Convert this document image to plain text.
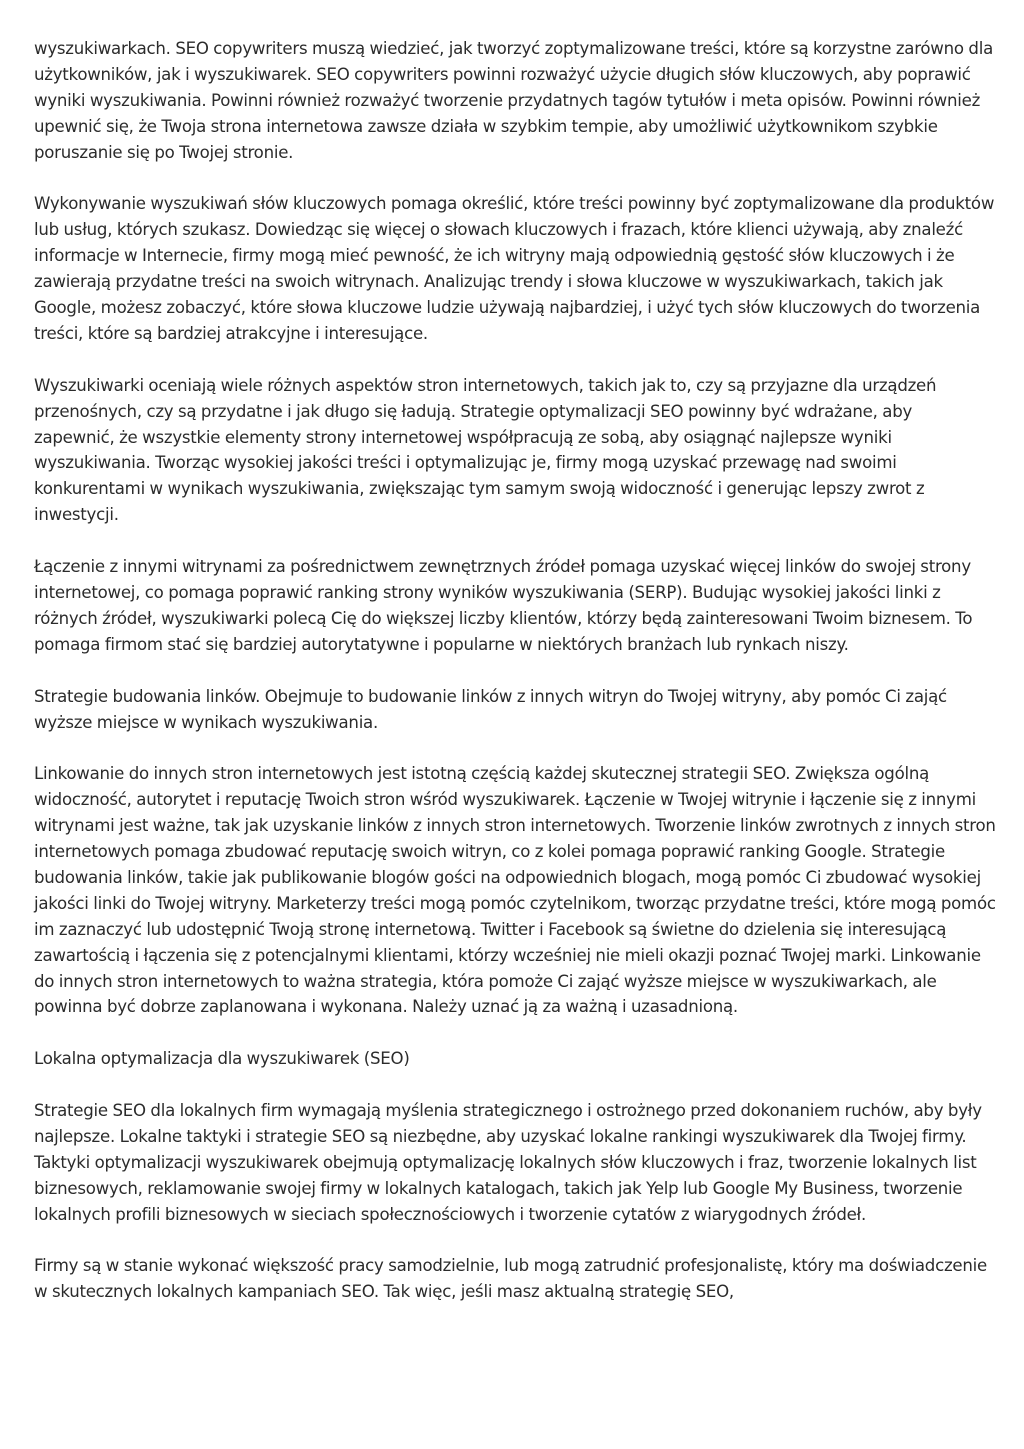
wyszukiwarkach. SEO copywriters muszą wiedzieć, jak tworzyć zoptymalizowane treści, które są korzystne zarówno dla użytkowników, jak i wyszukiwarek. SEO copywriters powinni rozważyć użycie długich słów kluczowych, aby poprawić wyniki wyszukiwania. Powinni również rozważyć tworzenie przydatnych tagów tytułów i meta opisów. Powinni również upewnić się, że Twoja strona internetowa zawsze działa w szybkim tempie, aby umożliwić użytkownikom szybkie poruszanie się po Twojej stronie.

Wykonywanie wyszukiwań słów kluczowych pomaga określić, które treści powinny być zoptymalizowane dla produktów lub usług, których szukasz. Dowiedząc się więcej o słowach kluczowych i frazach, które klienci używają, aby znaleźć informacje w Internecie, firmy mogą mieć pewność, że ich witryny mają odpowiednią gęstość słów kluczowych i że zawierają przydatne treści na swoich witrynach. Analizując trendy i słowa kluczowe w wyszukiwarkach, takich jak Google, możesz zobaczyć, które słowa kluczowe ludzie używają najbardziej, i użyć tych słów kluczowych do tworzenia treści, które są bardziej atrakcyjne i interesujące.

Wyszukiwarki oceniają wiele różnych aspektów stron internetowych, takich jak to, czy są przyjazne dla urządzeń przenośnych, czy są przydatne i jak długo się ładują. Strategie optymalizacji SEO powinny być wdrażane, aby zapewnić, że wszystkie elementy strony internetowej współpracują ze sobą, aby osiągnąć najlepsze wyniki wyszukiwania. Tworząc wysokiej jakości treści i optymalizując je, firmy mogą uzyskać przewagę nad swoimi konkurentami w wynikach wyszukiwania, zwiększając tym samym swoją widoczność i generując lepszy zwrot z inwestycji.

Łączenie z innymi witrynami za pośrednictwem zewnętrznych źródeł pomaga uzyskać więcej linków do swojej strony internetowej, co pomaga poprawić ranking strony wyników wyszukiwania (SERP). Budując wysokiej jakości linki z różnych źródeł, wyszukiwarki polecą Cię do większej liczby klientów, którzy będą zainteresowani Twoim biznesem. To pomaga firmom stać się bardziej autorytatywne i popularne w niektórych branżach lub rynkach niszy.

Strategie budowania linków. Obejmuje to budowanie linków z innych witryn do Twojej witryny, aby pomóc Ci zająć wyższe miejsce w wynikach wyszukiwania.

Linkowanie do innych stron internetowych jest istotną częścią każdej skutecznej strategii SEO. Zwiększa ogólną widoczność, autorytet i reputację Twoich stron wśród wyszukiwarek. Łączenie w Twojej witrynie i łączenie się z innymi witrynami jest ważne, tak jak uzyskanie linków z innych stron internetowych. Tworzenie linków zwrotnych z innych stron internetowych pomaga zbudować reputację swoich witryn, co z kolei pomaga poprawić ranking Google. Strategie budowania linków, takie jak publikowanie blogów gości na odpowiednich blogach, mogą pomóc Ci zbudować wysokiej jakości linki do Twojej witryny. Marketerzy treści mogą pomóc czytelnikom, tworząc przydatne treści, które mogą pomóc im zaznaczyć lub udostępnić Twoją stronę internetową. Twitter i Facebook są świetne do dzielenia się interesującą zawartością i łączenia się z potencjalnymi klientami, którzy wcześniej nie mieli okazji poznać Twojej marki. Linkowanie do innych stron internetowych to ważna strategia, która pomoże Ci zająć wyższe miejsce w wyszukiwarkach, ale powinna być dobrze zaplanowana i wykonana. Należy uznać ją za ważną i uzasadnioną.

Lokalna optymalizacja dla wyszukiwarek (SEO)

Strategie SEO dla lokalnych firm wymagają myślenia strategicznego i ostrożnego przed dokonaniem ruchów, aby były najlepsze. Lokalne taktyki i strategie SEO są niezbędne, aby uzyskać lokalne rankingi wyszukiwarek dla Twojej firmy. Taktyki optymalizacji wyszukiwarek obejmują optymalizację lokalnych słów kluczowych i fraz, tworzenie lokalnych list biznesowych, reklamowanie swojej firmy w lokalnych katalogach, takich jak Yelp lub Google My Business, tworzenie lokalnych profili biznesowych w sieciach społecznościowych i tworzenie cytatów z wiarygodnych źródeł.

Firmy są w stanie wykonać większość pracy samodzielnie, lub mogą zatrudnić profesjonalistę, który ma doświadczenie w skutecznych lokalnych kampaniach SEO. Tak więc, jeśli masz aktualną strategię SEO,
